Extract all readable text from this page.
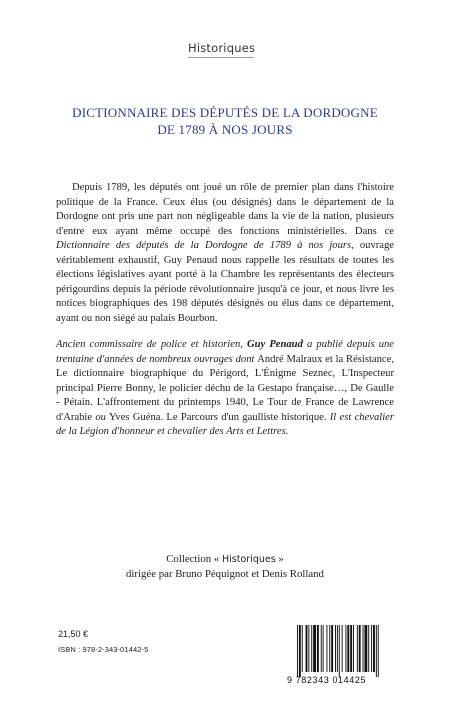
Historiques
DICTIONNAIRE DES DÉPUTÉS DE LA DORDOGNE
DE 1789 À NOS JOURS

Depuis 1789, les députés ont joué un rôle de premier plan dans l'histoire politique de la France. Ceux élus (ou désignés) dans le département de la Dordogne ont pris une part non négligeable dans la vie de la nation, plusieurs d'entre eux ayant même occupé des fonctions ministérielles. Dans ce Dictionnaire des députés de la Dordogne de 1789 à nos jours, ouvrage véritablement exhaustif, Guy Penaud nous rappelle les résultats de toutes les élections législatives ayant porté à la Chambre les représentants des électeurs périgourdins depuis la période révolutionnaire jusqu'à ce jour, et nous livre les notices biographiques des 198 députés désignés ou élus dans ce département, ayant ou non siégé au palais Bourbon.

Ancien commissaire de police et historien, Guy Penaud a publié depuis une trentaine d'années de nombreux ouvrages dont André Malraux et la Résistance, Le dictionnaire biographique du Périgord, L'Énigme Seznec, L'Inspecteur principal Pierre Bonny, le policier déchu de la Gestapo française…, De Gaulle - Pétain. L'affrontement du printemps 1940, Le Tour de France de Lawrence d'Arabie ou Yves Guéna. Le Parcours d'un gaulliste historique. Il est chevalier de la Légion d'honneur et chevalier des Arts et Lettres.

Collection « Historiques »
dirigée par Bruno Péquignot et Denis Rolland
21,50 €
ISBN : 978-2-343-01442-5
9 782343 014425
